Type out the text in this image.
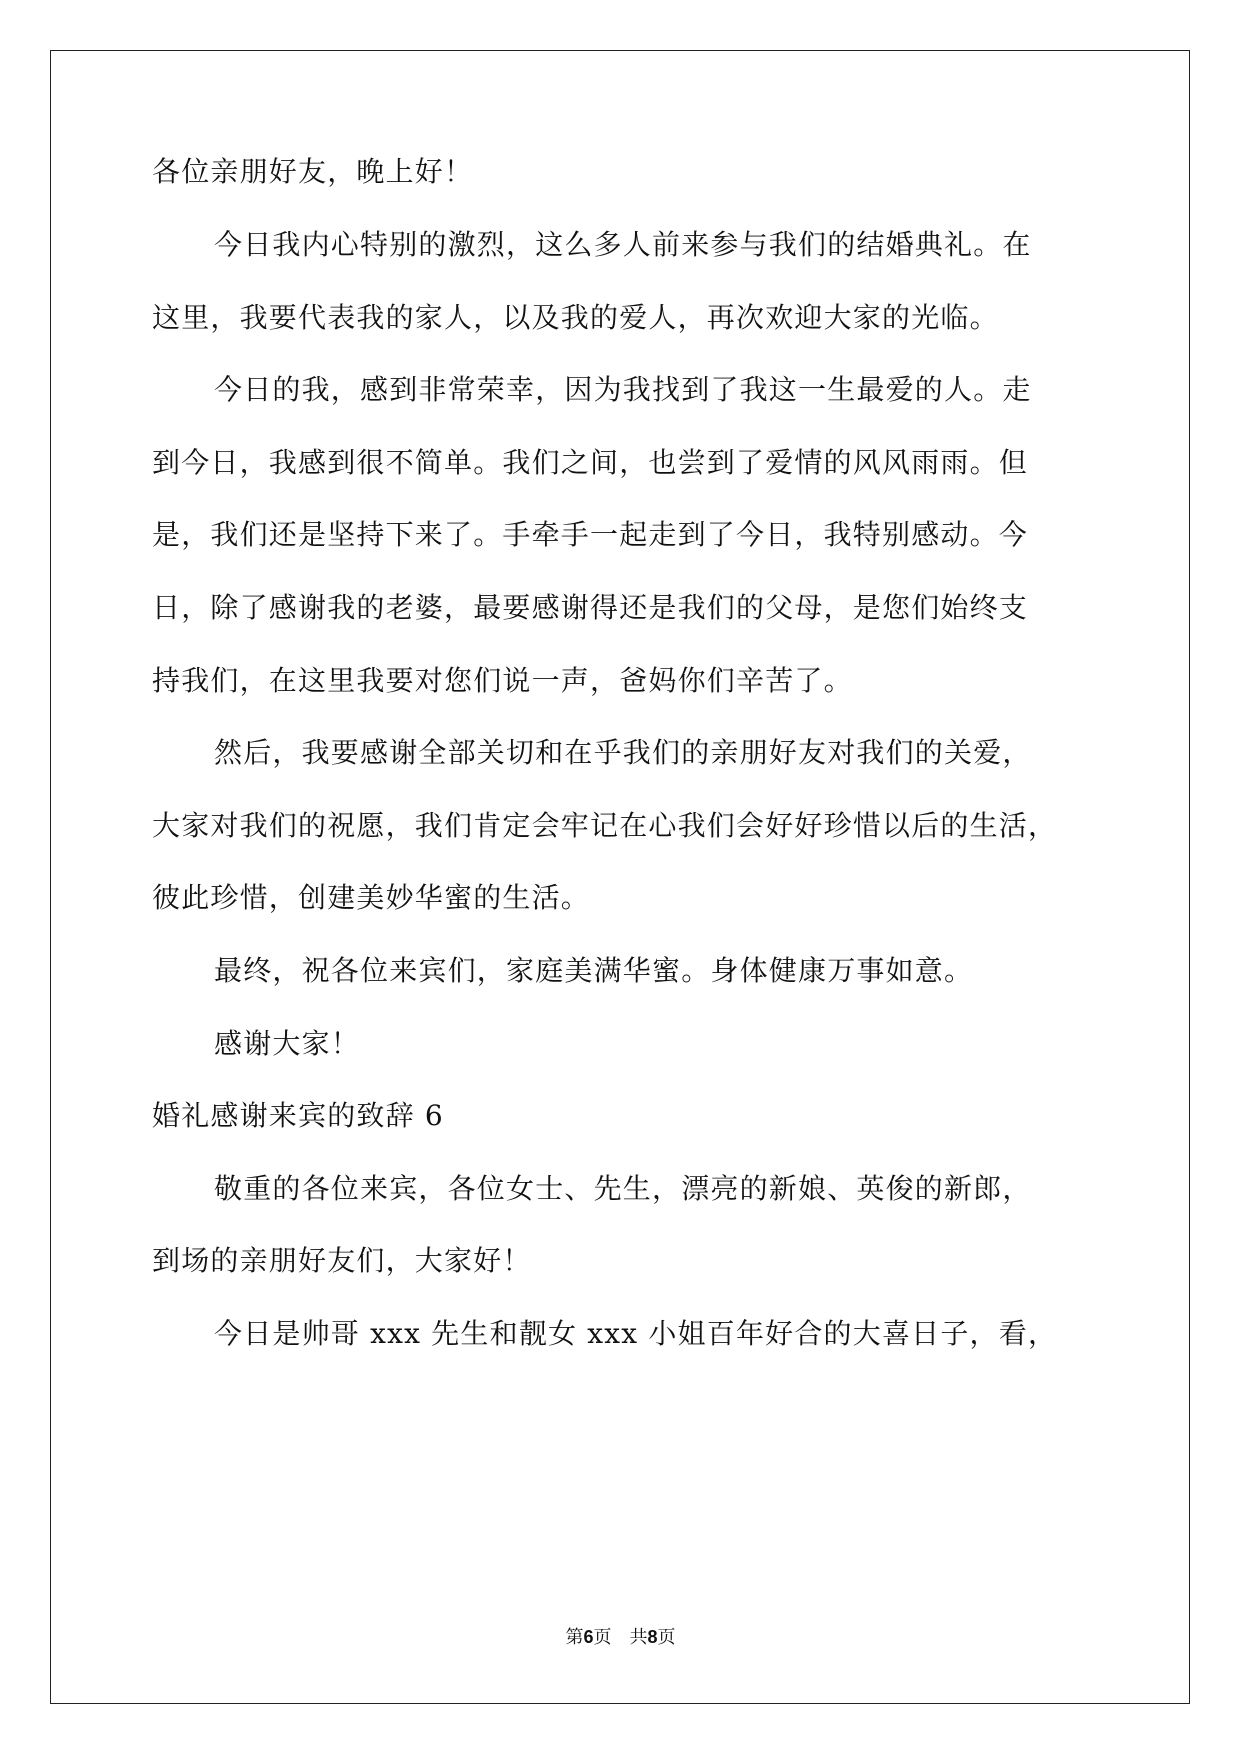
各位亲朋好友，晚上好！
今日我内心特别的激烈，这么多人前来参与我们的结婚典礼。在
这里，我要代表我的家人，以及我的爱人，再次欢迎大家的光临。
今日的我，感到非常荣幸，因为我找到了我这一生最爱的人。走
到今日，我感到很不简单。我们之间，也尝到了爱情的风风雨雨。但
是，我们还是坚持下来了。手牵手一起走到了今日，我特别感动。今
日，除了感谢我的老婆，最要感谢得还是我们的父母，是您们始终支
持我们，在这里我要对您们说一声，爸妈你们辛苦了。
然后，我要感谢全部关切和在乎我们的亲朋好友对我们的关爱，
大家对我们的祝愿，我们肯定会牢记在心我们会好好珍惜以后的生活，
彼此珍惜，创建美妙华蜜的生活。
最终，祝各位来宾们，家庭美满华蜜。身体健康万事如意。
感谢大家！
婚礼感谢来宾的致辞 6
敬重的各位来宾，各位女士、先生，漂亮的新娘、英俊的新郎，
到场的亲朋好友们，大家好！
今日是帅哥 xxx 先生和靓女 xxx 小姐百年好合的大喜日子，看，
第6页　共8页
